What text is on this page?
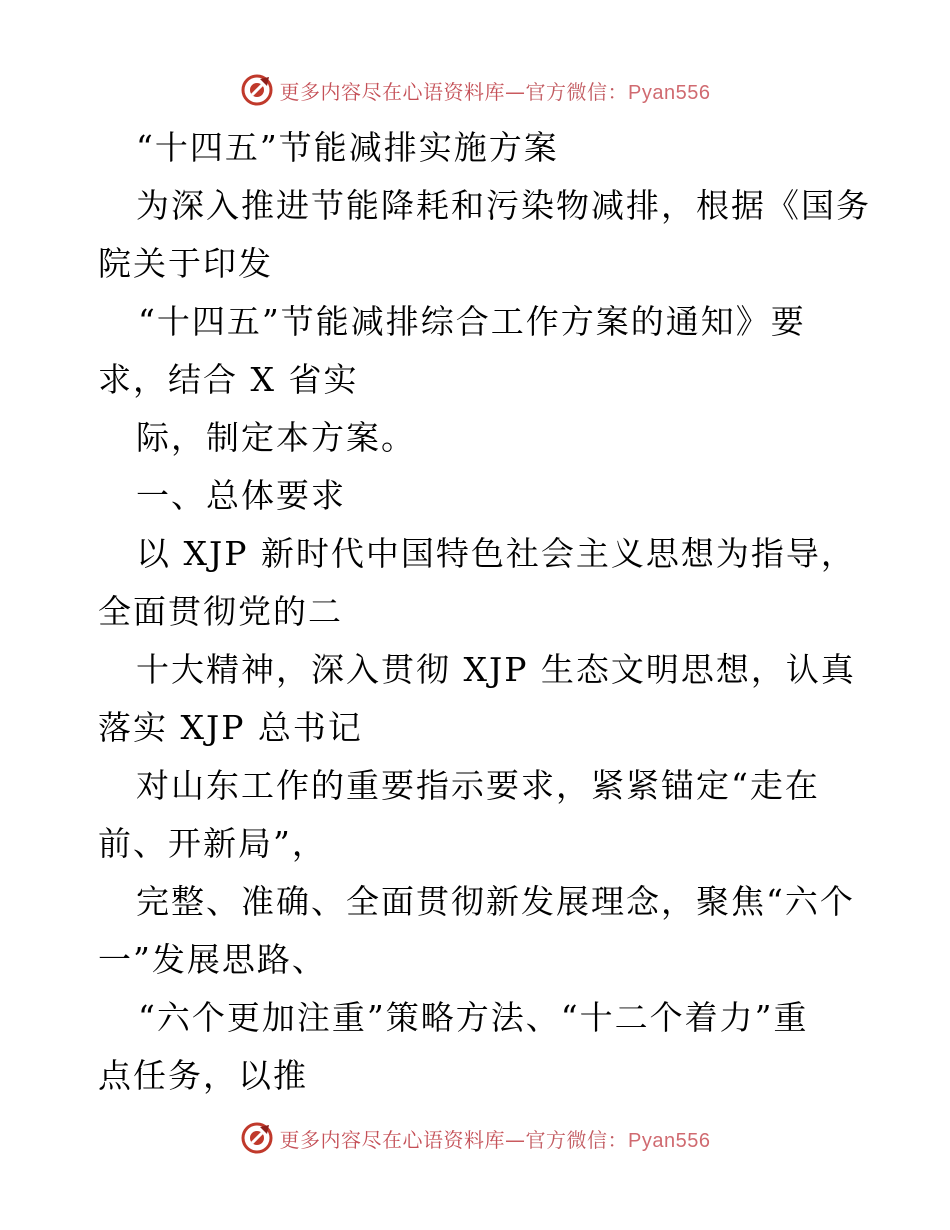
更多内容尽在心语资料库—官方微信：Pyan556
“十四五”节能减排实施方案
为深入推进节能降耗和污染物减排，根据《国务
院关于印发
“十四五”节能减排综合工作方案的通知》要
求，结合 X 省实
际，制定本方案。
一、总体要求
以 XJP 新时代中国特色社会主义思想为指导，
全面贯彻党的二
十大精神，深入贯彻 XJP 生态文明思想，认真
落实 XJP 总书记
对山东工作的重要指示要求，紧紧锚定“走在
前、开新局”，
完整、准确、全面贯彻新发展理念，聚焦“六个
一”发展思路、
“六个更加注重”策略方法、“十二个着力”重
点任务，以推
更多内容尽在心语资料库—官方微信：Pyan556
